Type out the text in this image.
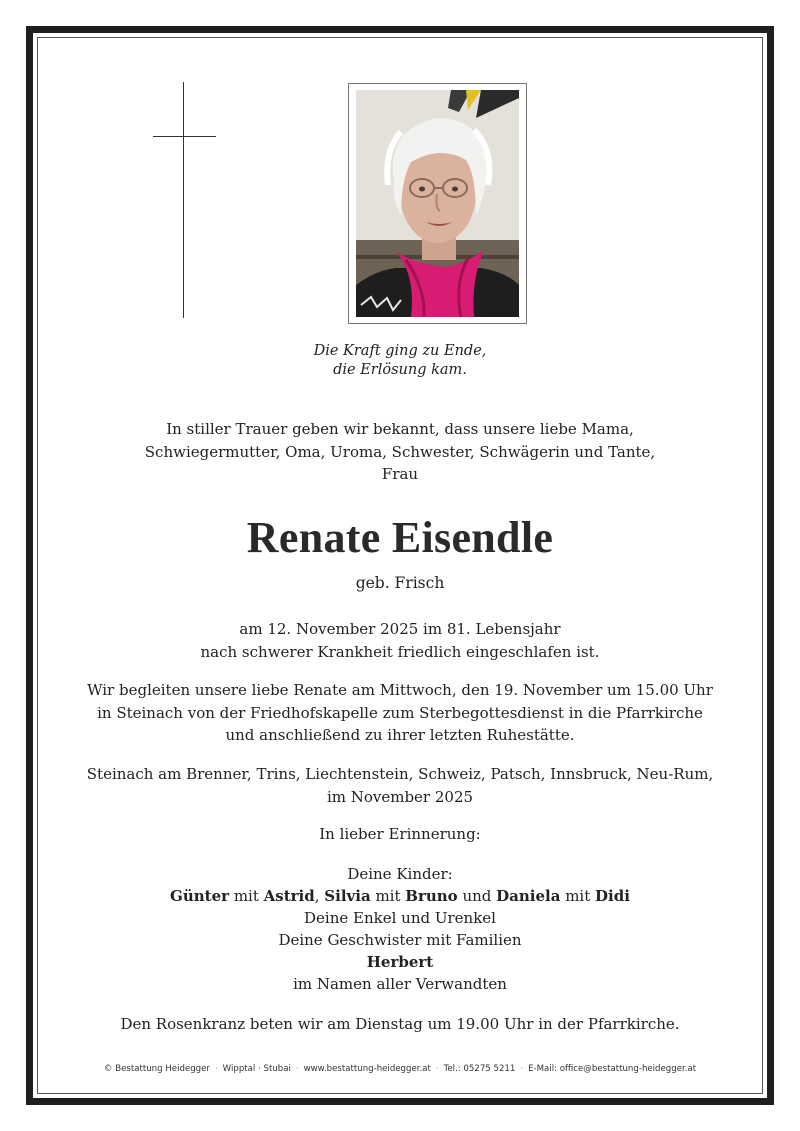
Die Kraft ging zu Ende,
die Erlösung kam.

In stiller Trauer geben wir bekannt, dass unsere liebe Mama,
Schwiegermutter, Oma, Uroma, Schwester, Schwägerin und Tante,
Frau

Renate Eisendle

geb. Frisch

am 12. November 2025 im 81. Lebensjahr
nach schwerer Krankheit friedlich eingeschlafen ist.

Wir begleiten unsere liebe Renate am Mittwoch, den 19. November um 15.00 Uhr
in Steinach von der Friedhofskapelle zum Sterbegottesdienst in die Pfarrkirche
und anschließend zu ihrer letzten Ruhestätte.

Steinach am Brenner, Trins, Liechtenstein, Schweiz, Patsch, Innsbruck, Neu-Rum,
im November 2025

In lieber Erinnerung:

Deine Kinder:
Günter mit Astrid, Silvia mit Bruno und Daniela mit Didi
Deine Enkel und Urenkel
Deine Geschwister mit Familien
Herbert
im Namen aller Verwandten

Den Rosenkranz beten wir am Dienstag um 19.00 Uhr in der Pfarrkirche.

© Bestattung Heidegger · Wipptal · Stubai · www.bestattung-heidegger.at · Tel.: 05275 5211 · E-Mail: office@bestattung-heidegger.at
